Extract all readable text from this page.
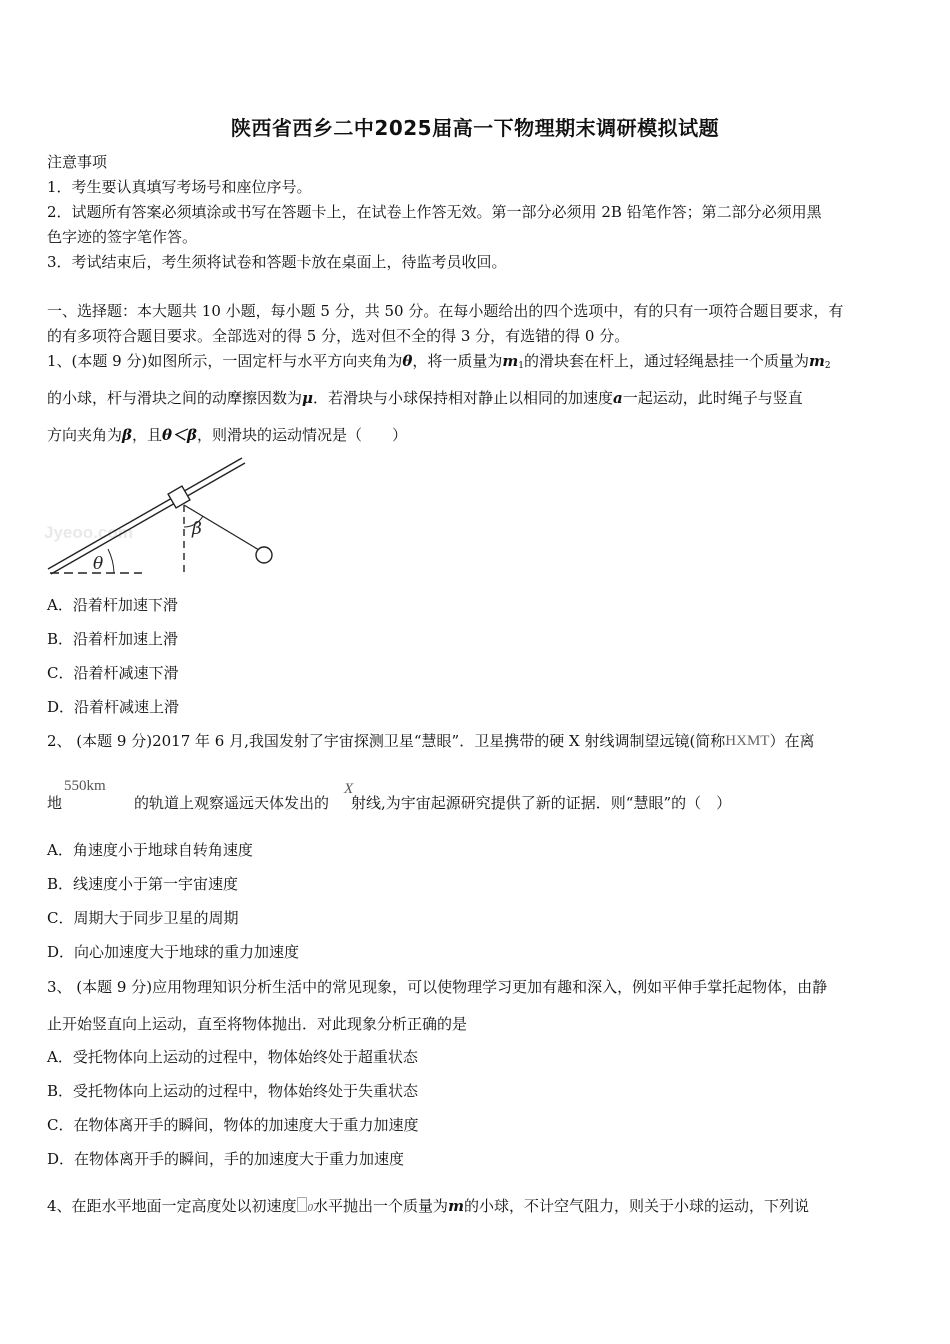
陕西省西乡二中2025届高一下物理期末调研模拟试题
注意事项
1．考生要认真填写考场号和座位序号。
2．试题所有答案必须填涂或书写在答题卡上，在试卷上作答无效。第一部分必须用 2B 铅笔作答；第二部分必须用黑
色字迹的签字笔作答。
3．考试结束后，考生须将试卷和答题卡放在桌面上，待监考员收回。
一、选择题：本大题共 10 小题，每小题 5 分，共 50 分。在每小题给出的四个选项中，有的只有一项符合题目要求，有
的有多项符合题目要求。全部选对的得 5 分，选对但不全的得 3 分，有选错的得 0 分。
1、(本题 9 分)如图所示，一固定杆与水平方向夹角为θ，将一质量为$m_1$的滑块套在杆上，通过轻绳悬挂一个质量为$m_2$
的小球，杆与滑块之间的动摩擦因数为μ．若滑块与小球保持相对静止以相同的加速度a一起运动，此时绳子与竖直
方向夹角为β，且θ＜β，则滑块的运动情况是（　　）
Jyeoo.com
θ
β
A．沿着杆加速下滑
B．沿着杆加速上滑
C．沿着杆减速下滑
D．沿着杆减速上滑
2、 (本题 9 分)2017 年 6 月,我国发射了宇宙探测卫星“慧眼”．卫星携带的硬 X 射线调制望远镜(简称HXMT）在离
地	的轨道上观察遥远天体发出的 射线,为宇宙起源研究提供了新的证据．则“慧眼”的（　）
550km	X
A．角速度小于地球自转角速度
B．线速度小于第一宇宙速度
C．周期大于同步卫星的周期
D．向心加速度大于地球的重力加速度
3、 (本题 9 分)应用物理知识分析生活中的常见现象，可以使物理学习更加有趣和深入，例如平伸手掌托起物体，由静
止开始竖直向上运动，直至将物体抛出．对此现象分析正确的是
A．受托物体向上运动的过程中，物体始终处于超重状态
B．受托物体向上运动的过程中，物体始终处于失重状态
C．在物体离开手的瞬间，物体的加速度大于重力加速度
D．在物体离开手的瞬间，手的加速度大于重力加速度
4、在距水平地面一定高度处以初速度 0水平抛出一个质量为m的小球，不计空气阻力，则关于小球的运动，下列说
